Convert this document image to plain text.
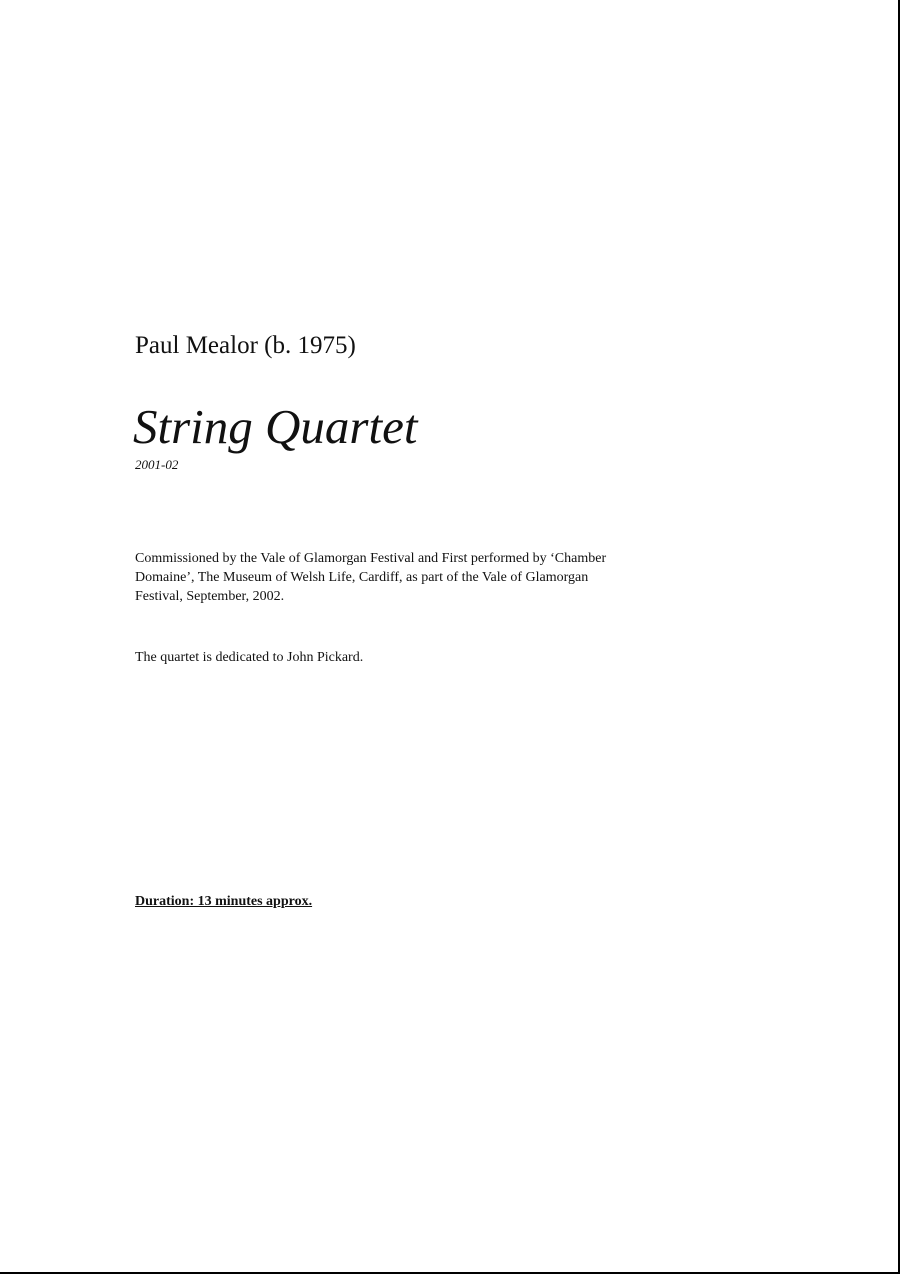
Paul Mealor (b. 1975)
String Quartet
2001-02
Commissioned by the Vale of Glamorgan Festival and First performed by ‘Chamber
Domaine’, The Museum of Welsh Life, Cardiff, as part of the Vale of Glamorgan
Festival, September, 2002.
The quartet is dedicated to John Pickard.
Duration: 13 minutes approx.
